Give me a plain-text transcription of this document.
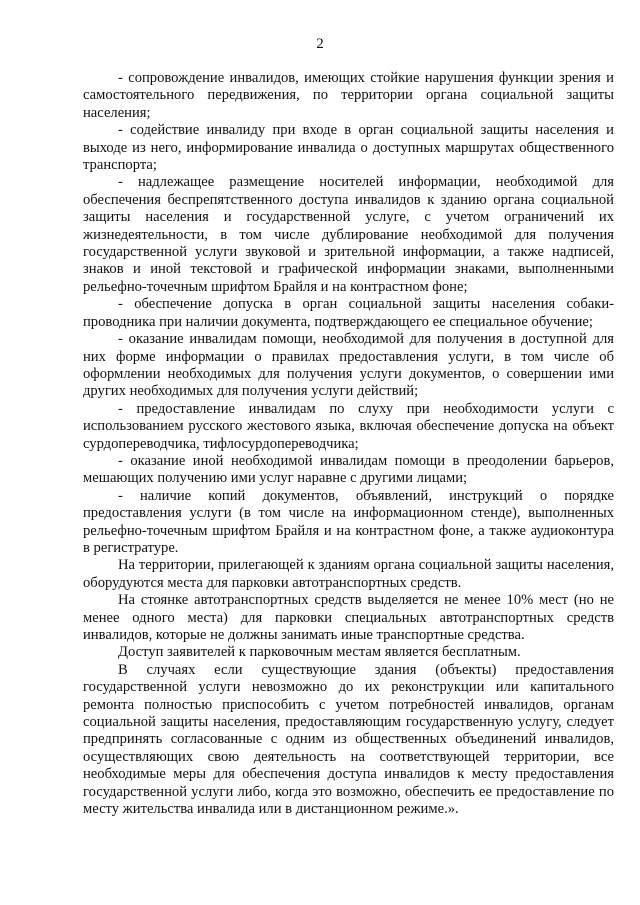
2

- сопровождение инвалидов, имеющих стойкие нарушения функции зрения и самостоятельного передвижения, по территории органа социальной защиты населения;

- содействие инвалиду при входе в орган социальной защиты населения и выходе из него, информирование инвалида о доступных маршрутах общественного транспорта;

- надлежащее размещение носителей информации, необходимой для обеспечения беспрепятственного доступа инвалидов к зданию органа социальной защиты населения и государственной услуге, с учетом ограничений их жизнедеятельности, в том числе дублирование необходимой для получения государственной услуги звуковой и зрительной информации, а также надписей, знаков и иной текстовой и графической информации знаками, выполненными рельефно-точечным шрифтом Брайля и на контрастном фоне;

- обеспечение допуска в орган социальной защиты населения собаки-проводника при наличии документа, подтверждающего ее специальное обучение;

- оказание инвалидам помощи, необходимой для получения в доступной для них форме информации о правилах предоставления услуги, в том числе об оформлении необходимых для получения услуги документов, о совершении ими других необходимых для получения услуги действий;

- предоставление инвалидам по слуху при необходимости услуги с использованием русского жестового языка, включая обеспечение допуска на объект сурдопереводчика, тифлосурдопереводчика;

- оказание иной необходимой инвалидам помощи в преодолении барьеров, мешающих получению ими услуг наравне с другими лицами;

- наличие копий документов, объявлений, инструкций о порядке предоставления услуги (в том числе на информационном стенде), выполненных рельефно-точечным шрифтом Брайля и на контрастном фоне, а также аудиоконтура в регистратуре.

На территории, прилегающей к зданиям органа социальной защиты населения, оборудуются места для парковки автотранспортных средств.

На стоянке автотранспортных средств выделяется не менее 10% мест (но не менее одного места) для парковки специальных автотранспортных средств инвалидов, которые не должны занимать иные транспортные средства.

Доступ заявителей к парковочным местам является бесплатным.

В случаях если существующие здания (объекты) предоставления государственной услуги невозможно до их реконструкции или капитального ремонта полностью приспособить с учетом потребностей инвалидов, органам социальной защиты населения, предоставляющим государственную услугу, следует предпринять согласованные с одним из общественных объединений инвалидов, осуществляющих свою деятельность на соответствующей территории, все необходимые меры для обеспечения доступа инвалидов к месту предоставления государственной услуги либо, когда это возможно, обеспечить ее предоставление по месту жительства инвалида или в дистанционном режиме.».
